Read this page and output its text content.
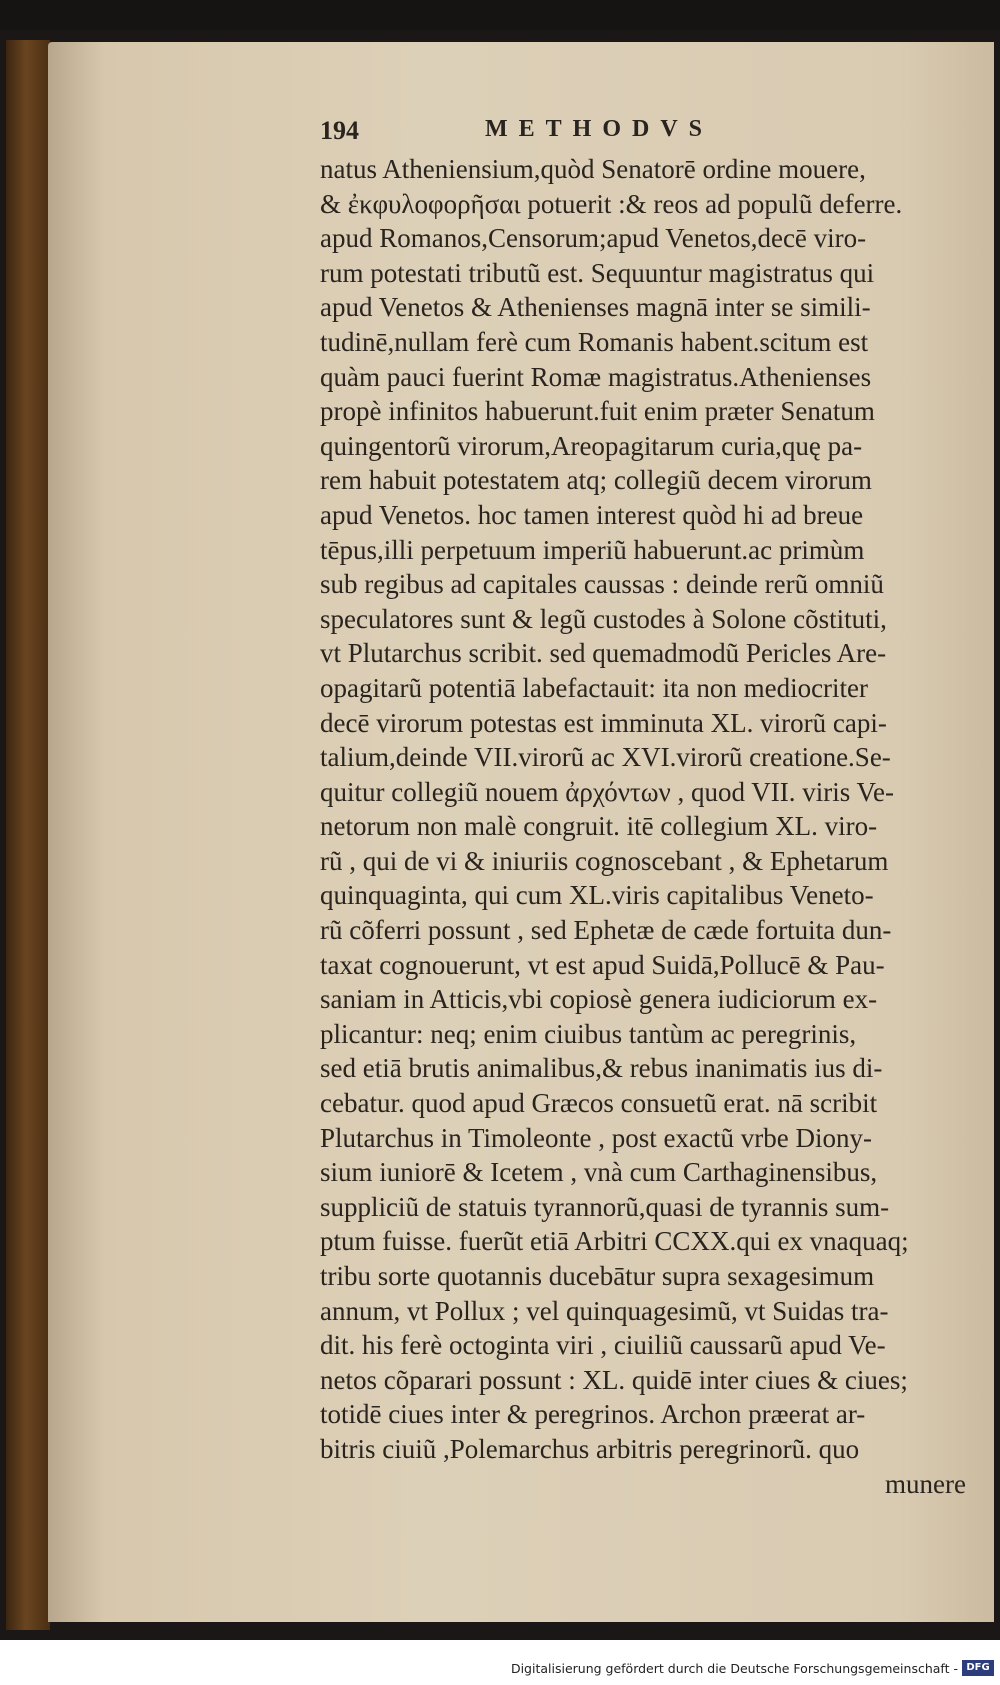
194	METHODVS
natus Atheniensium,quòd Senatorē ordine mouere,
& ἐκφυλοφορῆσαι potuerit :& reos ad populũ deferre.
apud Romanos,Censorum;apud Venetos,decē viro-
rum potestati tributũ est. Sequuntur magistratus qui
apud Venetos & Athenienses magnā inter se simili-
tudinē,nullam ferè cum Romanis habent.scitum est
quàm pauci fuerint Romæ magistratus.Athenienses
propè infinitos habuerunt.fuit enim præter Senatum
quingentorũ virorum,Areopagitarum curia,quę pa-
rem habuit potestatem atq; collegiũ decem virorum
apud Venetos. hoc tamen interest quòd hi ad breue
tēpus,illi perpetuum imperiũ habuerunt.ac primùm
sub regibus ad capitales caussas : deinde rerũ omniũ
speculatores sunt & legũ custodes à Solone cõstituti,
vt Plutarchus scribit. sed quemadmodũ Pericles Are-
opagitarũ potentiā labefactauit: ita non mediocriter
decē virorum potestas est imminuta XL. virorũ capi-
talium,deinde VII.virorũ ac XVI.virorũ creatione.Se-
quitur collegiũ nouem ἀρχόντων , quod VII. viris Ve-
netorum non malè congruit. itē collegium XL. viro-
rũ , qui de vi & iniuriis cognoscebant , & Ephetarum
quinquaginta, qui cum XL.viris capitalibus Veneto-
rũ cõferri possunt , sed Ephetæ de cæde fortuita dun-
taxat cognouerunt, vt est apud Suidā,Pollucē & Pau-
saniam in Atticis,vbi copiosè genera iudiciorum ex-
plicantur: neq; enim ciuibus tantùm ac peregrinis,
sed etiā brutis animalibus,& rebus inanimatis ius di-
cebatur. quod apud Græcos consuetũ erat. nā scribit
Plutarchus in Timoleonte , post exactũ vrbe Diony-
sium iuniorē & Icetem , vnà cum Carthaginensibus,
suppliciũ de statuis tyrannorũ,quasi de tyrannis sum-
ptum fuisse. fuerũt etiā Arbitri CCXX.qui ex vnaquaq;
tribu sorte quotannis ducebātur supra sexagesimum
annum, vt Pollux ; vel quinquagesimũ, vt Suidas tra-
dit. his ferè octoginta viri , ciuiliũ caussarũ apud Ve-
netos cõparari possunt : XL. quidē inter ciues & ciues;
totidē ciues inter & peregrinos. Archon præerat ar-
bitris ciuiũ ,Polemarchus arbitris peregrinorũ. quo
munere
Digitalisierung gefördert durch die Deutsche Forschungsgemeinschaft - DFG
